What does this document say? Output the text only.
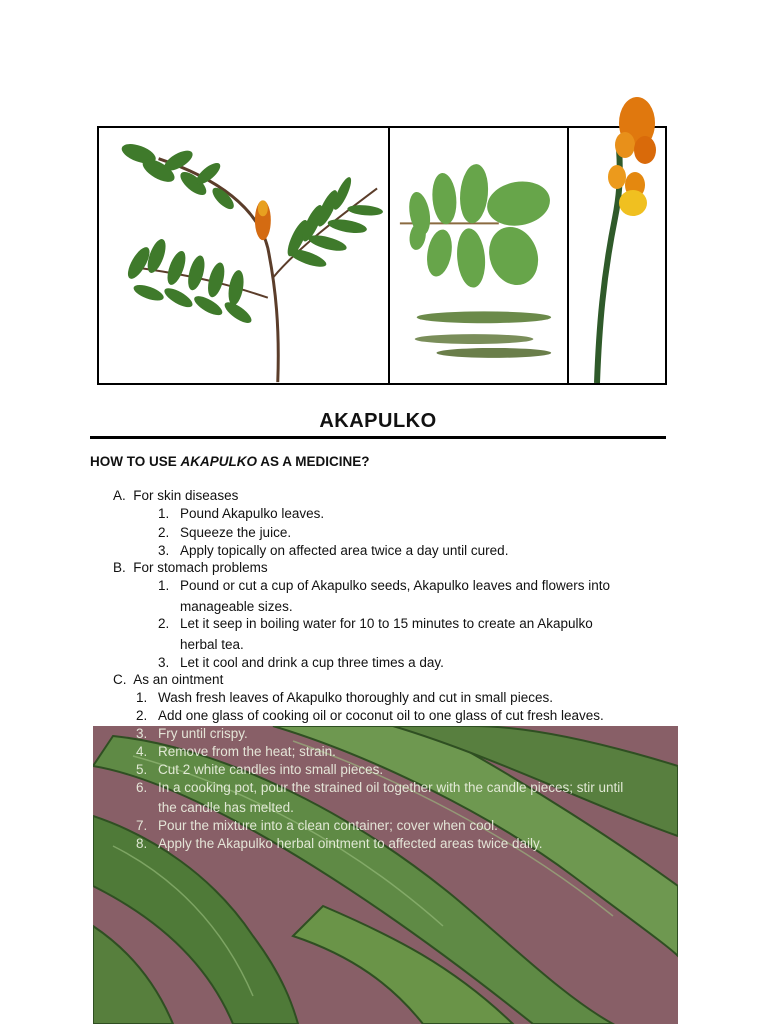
AKAPULKO
HOW TO USE AKAPULKO AS A MEDICINE?
A. For skin diseases
1. Pound Akapulko leaves.
2. Squeeze the juice.
3. Apply topically on affected area twice a day until cured.
B. For stomach problems
1. Pound or cut a cup of Akapulko seeds, Akapulko leaves and flowers into
manageable sizes.
2. Let it seep in boiling water for 10 to 15 minutes to create an Akapulko
herbal tea.
3. Let it cool and drink a cup three times a day.
C. As an ointment
1. Wash fresh leaves of Akapulko thoroughly and cut in small pieces.
2. Add one glass of cooking oil or coconut oil to one glass of cut fresh leaves.
3. Fry until crispy.
4. Remove from the heat; strain.
5. Cut 2 white candles into small pieces.
6. In a cooking pot, pour the strained oil together with the candle pieces; stir until
the candle has melted.
7. Pour the mixture into a clean container; cover when cool.
8. Apply the Akapulko herbal ointment to affected areas twice daily.
